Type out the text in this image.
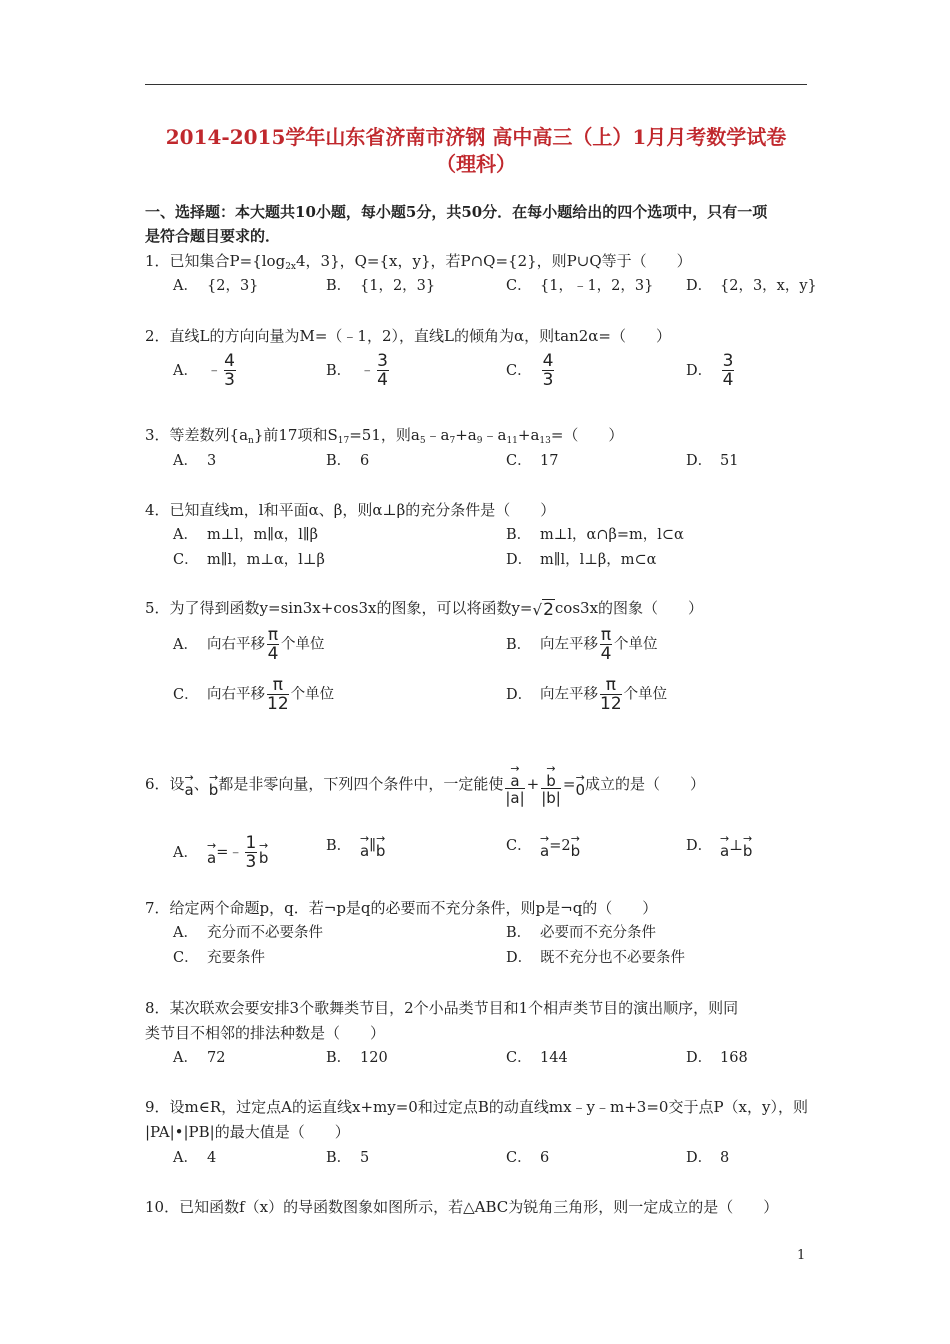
2014-2015学年山东省济南市济钢 高中高三（上）1月月考数学试卷
（理科）
一、选择题：本大题共10小题，每小题5分，共50分．在每小题给出的四个选项中，只有一项
是符合题目要求的．
1．已知集合$P=\{\log_{2x}4$，3}，Q={x，y}，若P∩Q={2}，则P∪Q等于（　　）
A． {2，3}	B． {1，2，3}	C． {1，﹣1，2，3} D． {2，3，x，y}
2．直线L的方向向量为M=（﹣1，2），直线L的倾角为α，则tan2α=（　　）
A． ﹣ $\frac{4}{3}$	B． ﹣ $\frac{3}{4}$	C． $\frac{4}{3}$	D． $\frac{3}{4}$
3．等差数列$\{a_n\}$前17项和$S_{17}=51$，则$a_5﹣a_7+a_9﹣a_{11}+a_{13}=$（　　）
A． 3	B． 6	C． 17	D． 51
4．已知直线m，l和平面α、β，则α⊥β的充分条件是（　　）
A． m⊥l，m∥α，l∥β	B． m⊥l，α∩β=m，l⊂α
C． m∥l，m⊥α，l⊥β	D． m∥l，l⊥β，m⊂α
5．为了得到函数y=sin3x+cos3x的图象，可以将函数y= √ 2 cos3x的图象（　　）
A． 向右平移 $\frac{\pi}{4}$ 个单位	B． 向左平移 $\frac{\pi}{4}$ 个单位
C． 向右平移 $\frac{\pi}{12}$ 个单位	D． 向左平移 $\frac{\pi}{12}$ 个单位
6．设 →
a 、 →
b 都是非零向量，下列四个条件中，一定能使 →
a
|a| + →
b
|b| = →
0 成立的是（　　）
A． →
a =﹣ $\frac{1}{3}$ →
b
B． →
a ∥ →
b	C． →
a =2 →
b	D． →
a ⊥ →
b
7．给定两个命题p，q．若¬p是q的必要而不充分条件，则p是¬q的（　　）
A． 充分而不必要条件	B． 必要而不充分条件
C． 充要条件	D． 既不充分也不必要条件
8．某次联欢会要安排3个歌舞类节目，2个小品类节目和1个相声类节目的演出顺序，则同
类节目不相邻的排法种数是（　　）
A． 72	B． 120	C． 144	D． 168
9．设m∈R，过定点A的运直线x+my=0和过定点B的动直线mx﹣y﹣m+3=0交于点P（x，y），则
|PA|•|PB|的最大值是（　　）
A． 4	B． 5	C． 6	D． 8
10．已知函数f（x）的导函数图象如图所示，若△ABC为锐角三角形，则一定成立的是（　　）
1
